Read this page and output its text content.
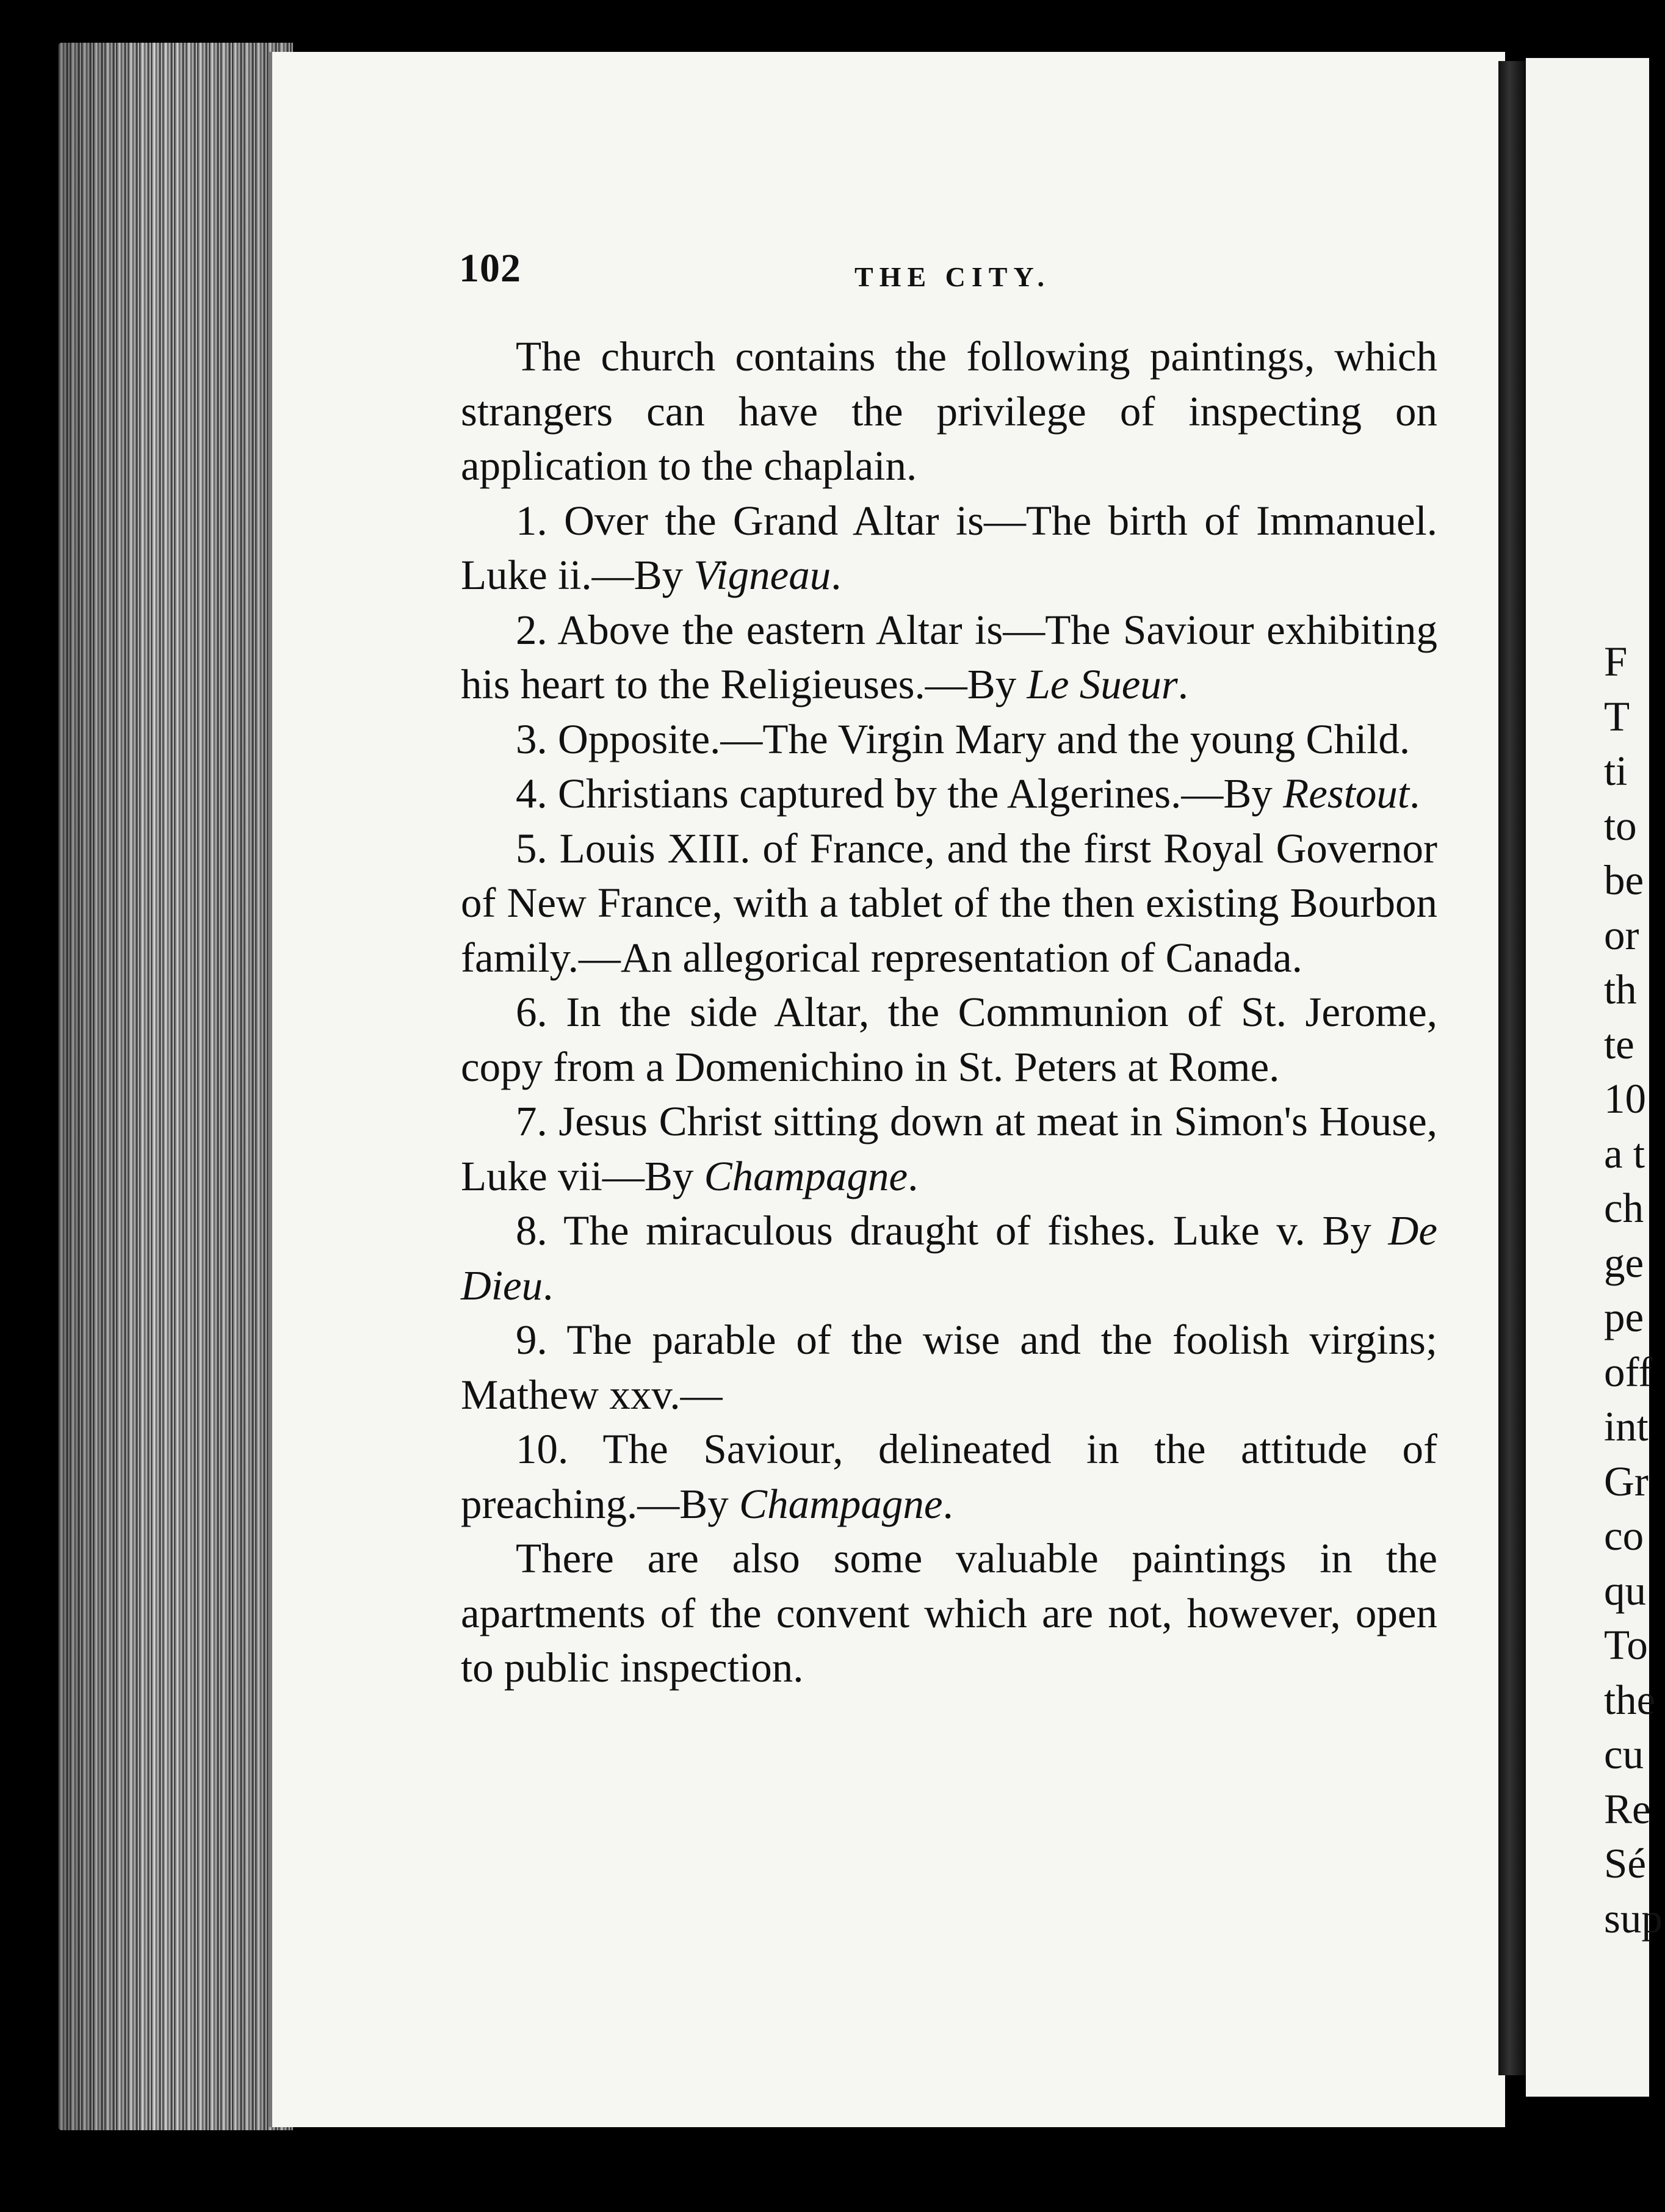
102	THE CITY.

The church contains the following paintings, which strangers can have the privilege of inspecting on application to the chaplain.

1. Over the Grand Altar is—The birth of Immanuel. Luke ii.—By Vigneau.

2. Above the eastern Altar is—The Saviour exhibiting his heart to the Religieuses.—By Le Sueur.

3. Opposite.—The Virgin Mary and the young Child.

4. Christians captured by the Algerines.—By Restout.

5. Louis XIII. of France, and the first Royal Governor of New France, with a tablet of the then existing Bourbon family.—An allegorical representation of Canada.

6. In the side Altar, the Communion of St. Jerome, copy from a Domenichino in St. Peters at Rome.

7. Jesus Christ sitting down at meat in Simon's House, Luke vii—By Champagne.

8. The miraculous draught of fishes. Luke v. By De Dieu.

9. The parable of the wise and the foolish virgins; Mathew xxv.—

10. The Saviour, delineated in the attitude of preaching.—By Champagne.

There are also some valuable paintings in the apartments of the convent which are not, however, open to public inspection.

F
T
ti
to
be
or
th
te
10
a t
ch
ge
pe
off
int
Gr
co
qu
To
the
cu
Re
Sé
sup
